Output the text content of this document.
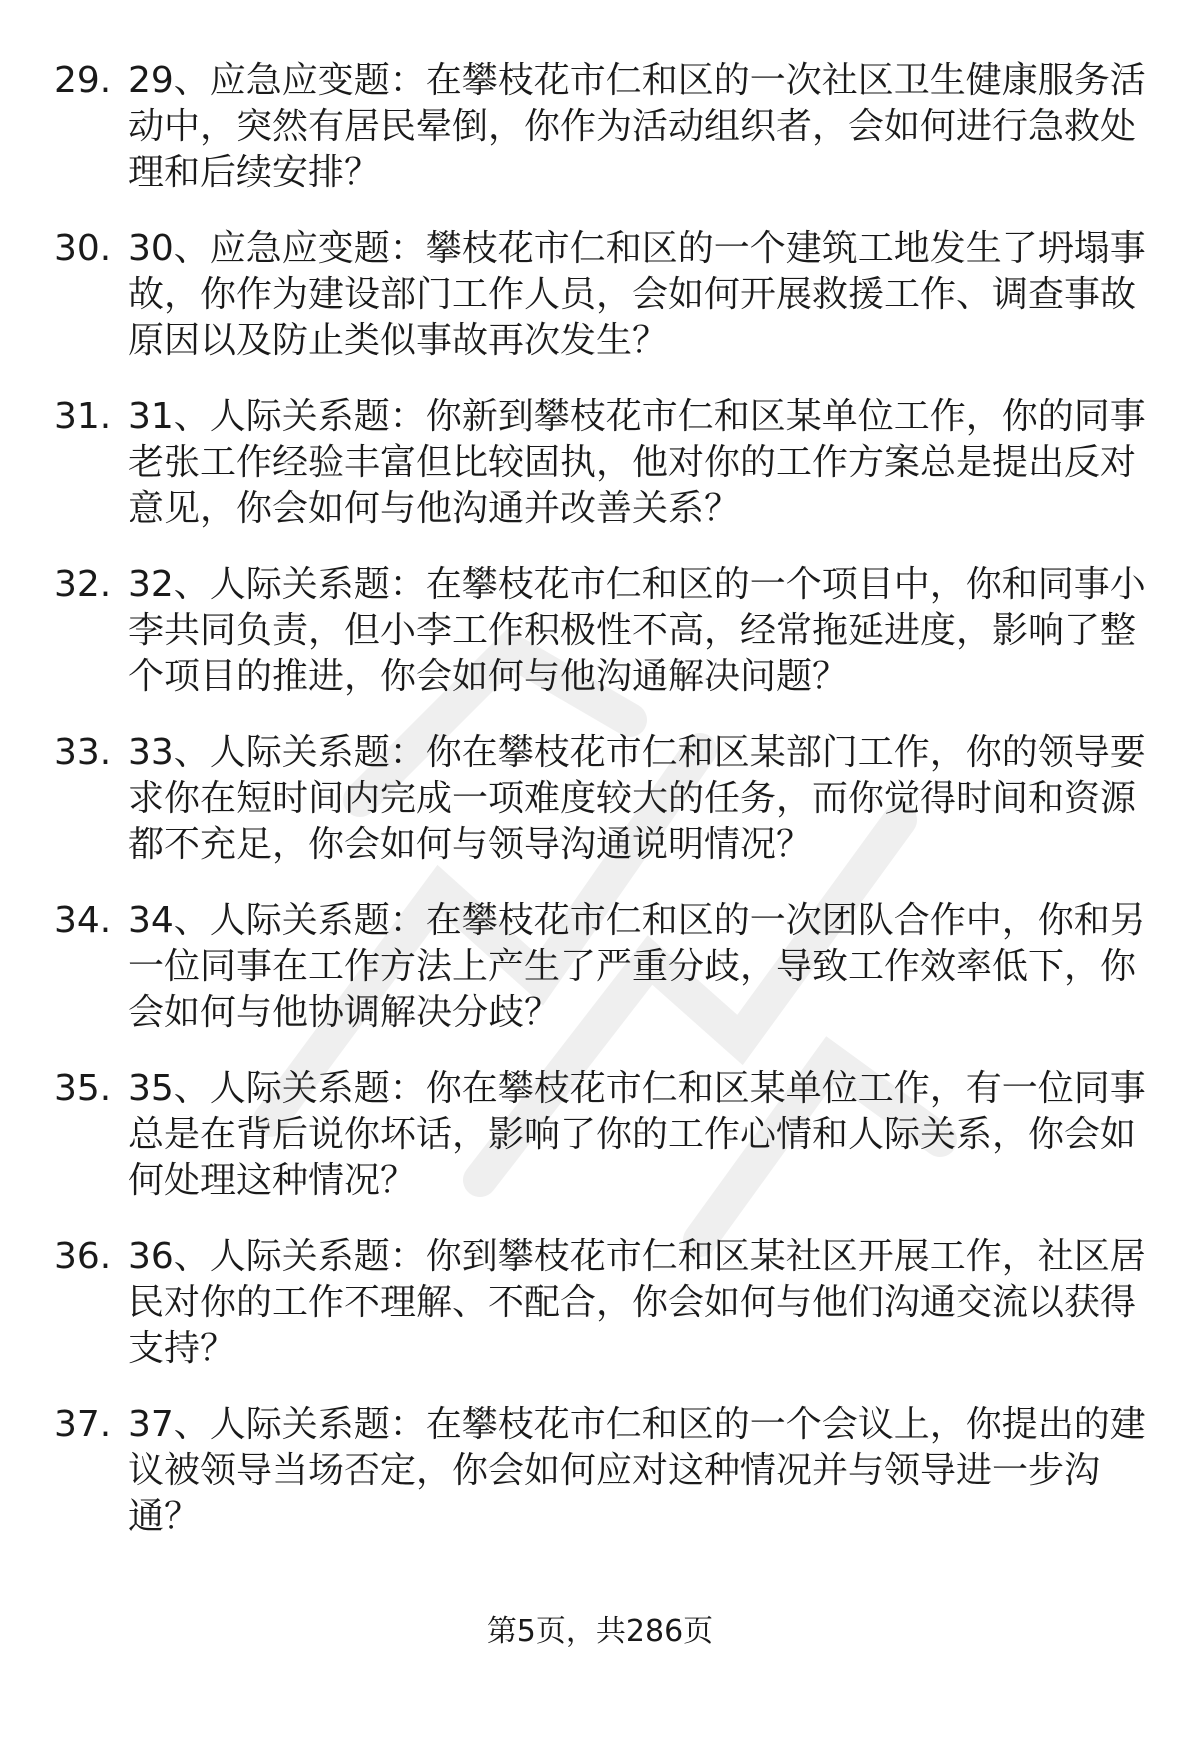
29. 29、应急应变题：在攀枝花市仁和区的一次社区卫生健康服务活动中，突然有居民晕倒，你作为活动组织者，会如何进行急救处理和后续安排？
30. 30、应急应变题：攀枝花市仁和区的一个建筑工地发生了坍塌事故，你作为建设部门工作人员，会如何开展救援工作、调查事故原因以及防止类似事故再次发生？
31. 31、人际关系题：你新到攀枝花市仁和区某单位工作，你的同事老张工作经验丰富但比较固执，他对你的工作方案总是提出反对意见，你会如何与他沟通并改善关系？
32. 32、人际关系题：在攀枝花市仁和区的一个项目中，你和同事小李共同负责，但小李工作积极性不高，经常拖延进度，影响了整个项目的推进，你会如何与他沟通解决问题？
33. 33、人际关系题：你在攀枝花市仁和区某部门工作，你的领导要求你在短时间内完成一项难度较大的任务，而你觉得时间和资源都不充足，你会如何与领导沟通说明情况？
34. 34、人际关系题：在攀枝花市仁和区的一次团队合作中，你和另一位同事在工作方法上产生了严重分歧，导致工作效率低下，你会如何与他协调解决分歧？
35. 35、人际关系题：你在攀枝花市仁和区某单位工作，有一位同事总是在背后说你坏话，影响了你的工作心情和人际关系，你会如何处理这种情况？
36. 36、人际关系题：你到攀枝花市仁和区某社区开展工作，社区居民对你的工作不理解、不配合，你会如何与他们沟通交流以获得支持？
37. 37、人际关系题：在攀枝花市仁和区的一个会议上，你提出的建议被领导当场否定，你会如何应对这种情况并与领导进一步沟通？
第5页，共286页
